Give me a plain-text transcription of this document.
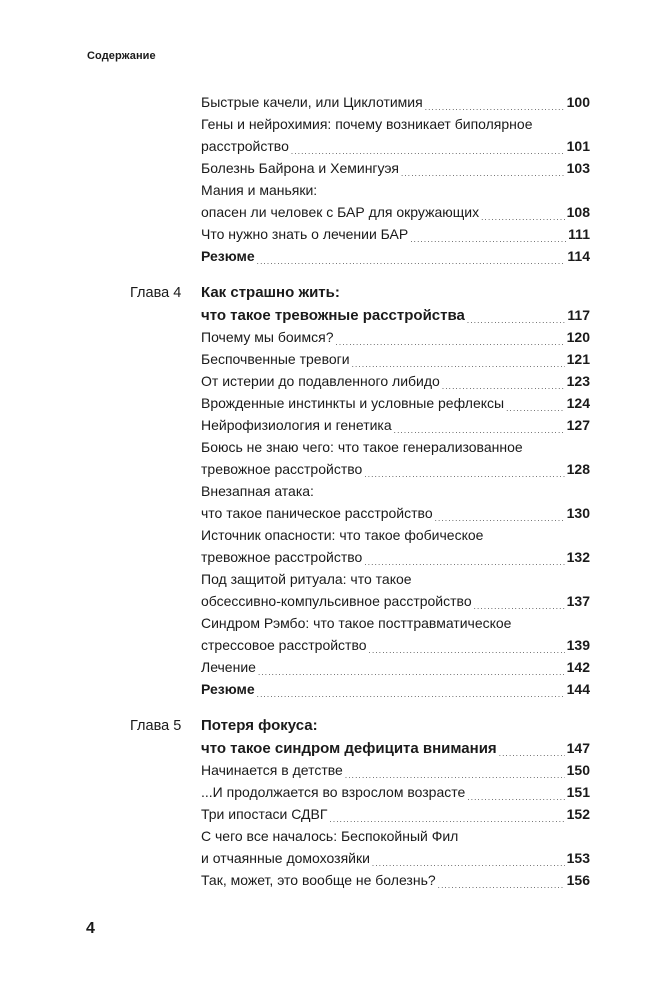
Содержание
Быстрые качели, или Циклотимия .....	100
Гены и нейрохимия: почему возникает биполярное
расстройство .....	101
Болезнь Байрона и Хемингуэя .....	103
Мания и маньяки:
опасен ли человек с БАР для окружающих .....	108
Что нужно знать о лечении БАР .....	111
Резюме .....	114
Глава 4 Как страшно жить:
что такое тревожные расстройства .....	117
Почему мы боимся? .....	120
Беспочвенные тревоги .....	121
От истерии до подавленного либидо .....	123
Врожденные инстинкты и условные рефлексы .....	124
Нейрофизиология и генетика .....	127
Боюсь не знаю чего: что такое генерализованное
тревожное расстройство .....	128
Внезапная атака:
что такое паническое расстройство .....	130
Источник опасности: что такое фобическое
тревожное расстройство .....	132
Под защитой ритуала: что такое
обсессивно-компульсивное расстройство .....	137
Синдром Рэмбо: что такое посттравматическое
стрессовое расстройство .....	139
Лечение .....	142
Резюме .....	144
Глава 5 Потеря фокуса:
что такое синдром дефицита внимания .....	147
Начинается в детстве .....	150
...И продолжается во взрослом возрасте .....	151
Три ипостаси СДВГ .....	152
С чего все началось: Беспокойный Фил
и отчаянные домохозяйки .....	153
Так, может, это вообще не болезнь? .....	156
4
